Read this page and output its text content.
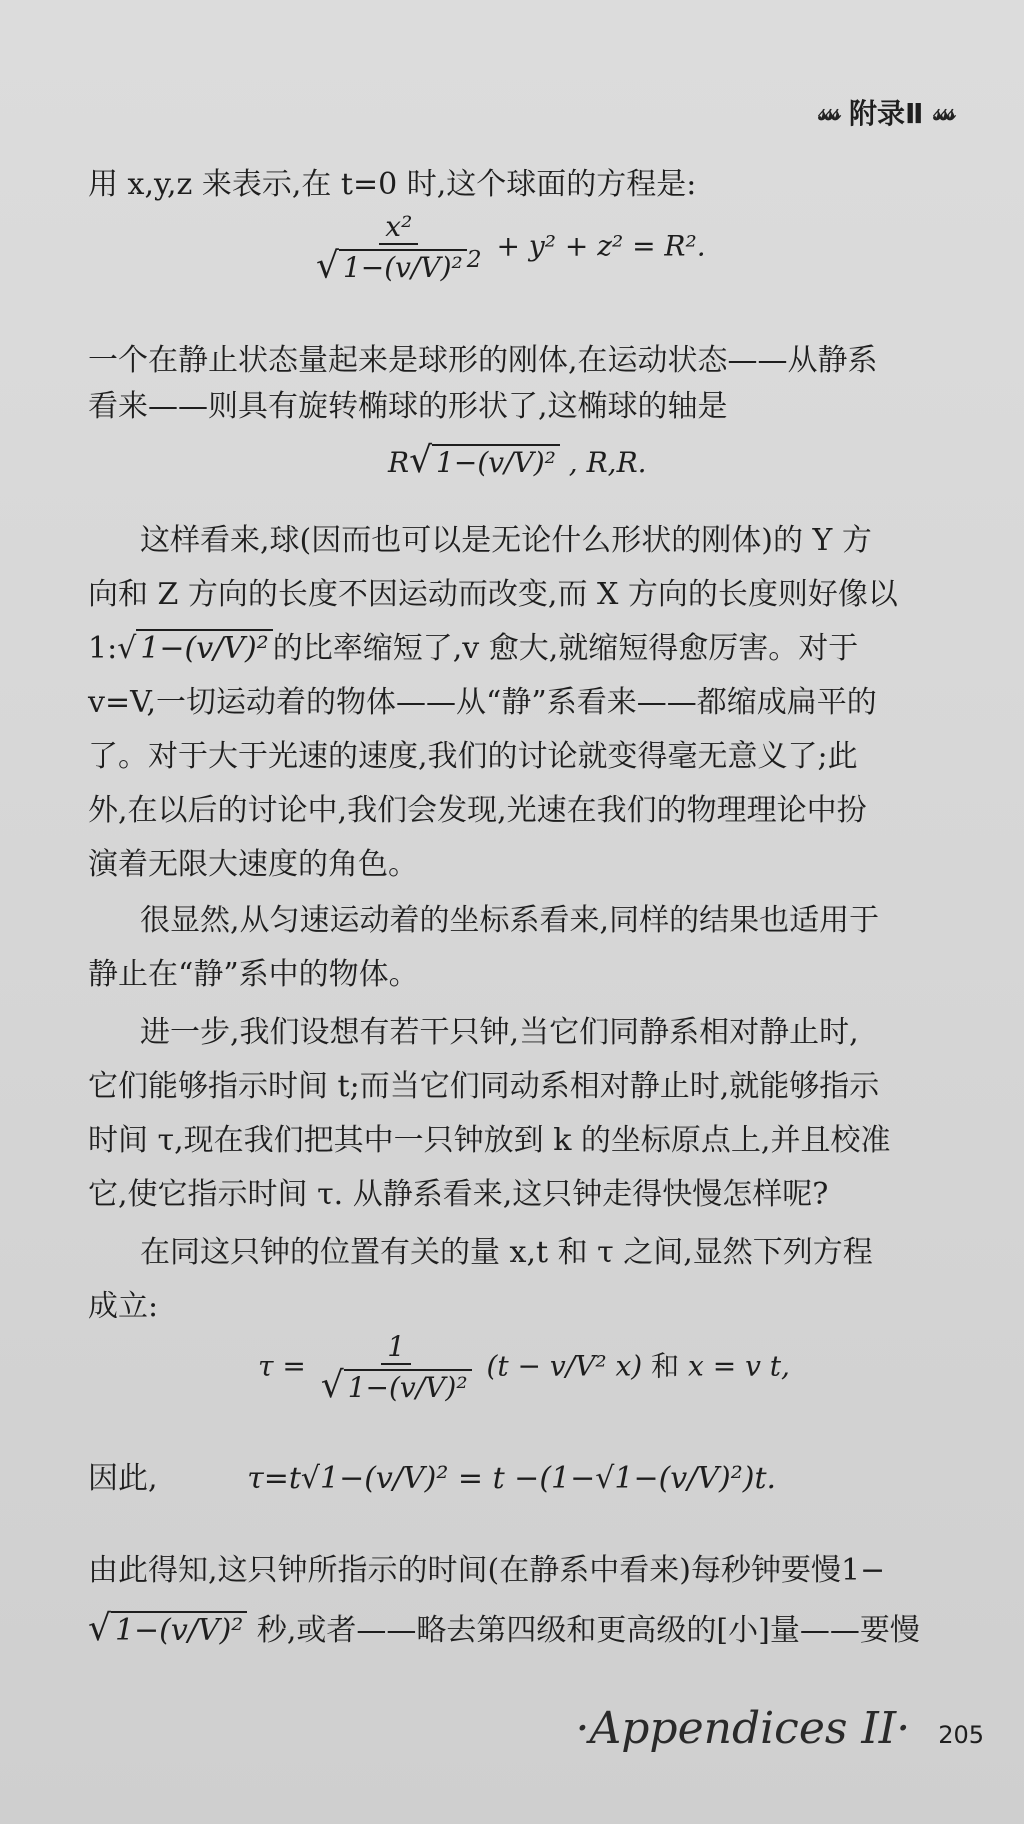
𝓈𝓈𝓈 附录Ⅱ 𝓈𝓈𝓈
用 x,y,z 来表示,在 t=0 时,这个球面的方程是:
$\frac{\text{x²}}{√ 1-(v/V)^2 ^2} + y^2 + z^2 = R^2$.
一个在静止状态量起来是球形的刚体,在运动状态——从静系
看来——则具有旋转椭球的形状了,这椭球的轴是
R√ 1−(v/V)² , R,R.
这样看来,球(因而也可以是无论什么形状的刚体)的 Y 方
向和 Z 方向的长度不因运动而改变,而 X 方向的长度则好像以
1:√ 1−(v/V)² 的比率缩短了,v 愈大,就缩短得愈厉害。对于
v=V,一切运动着的物体——从“静”系看来——都缩成扁平的
了。对于大于光速的速度,我们的讨论就变得毫无意义了;此
外,在以后的讨论中,我们会发现,光速在我们的物理理论中扮
演着无限大速度的角色。
很显然,从匀速运动着的坐标系看来,同样的结果也适用于
静止在“静”系中的物体。
进一步,我们设想有若干只钟,当它们同静系相对静止时,
它们能够指示时间 t;而当它们同动系相对静止时,就能够指示
时间 τ,现在我们把其中一只钟放到 k 的坐标原点上,并且校准
它,使它指示时间 τ. 从静系看来,这只钟走得快慢怎样呢?
在同这只钟的位置有关的量 x,t 和 τ 之间,显然下列方程
成立:
$\tau = \frac{1}{\text{√ 1−(v/V)²}} (t - v/V^2$ x) 和 x = v t,
因此,	τ=t√1−(v/V)² = t −(1−√1−(v/V)²)t.
由此得知,这只钟所指示的时间(在静系中看来)每秒钟要慢1−
√ 1−(v/V)² 秒,或者——略去第四级和更高级的[小]量——要慢
·Appendices II· 205
